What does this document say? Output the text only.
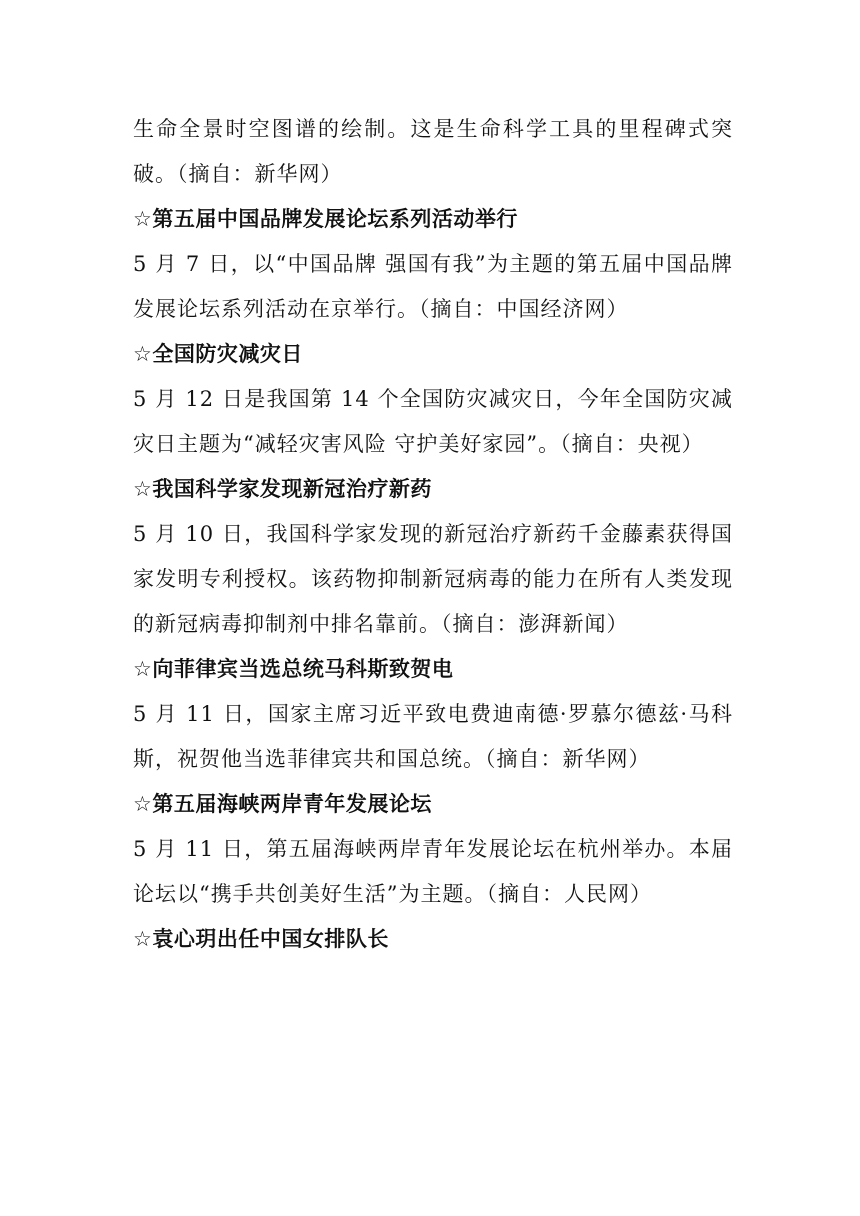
生命全景时空图谱的绘制。这是生命科学工具的里程碑式突破。（摘自：新华网）

☆第五届中国品牌发展论坛系列活动举行

5 月 7 日，以“中国品牌 强国有我”为主题的第五届中国品牌发展论坛系列活动在京举行。（摘自：中国经济网）

☆全国防灾减灾日

5 月 12 日是我国第 14 个全国防灾减灾日，今年全国防灾减灾日主题为“减轻灾害风险 守护美好家园”。（摘自：央视）

☆我国科学家发现新冠治疗新药

5 月 10 日，我国科学家发现的新冠治疗新药千金藤素获得国家发明专利授权。该药物抑制新冠病毒的能力在所有人类发现的新冠病毒抑制剂中排名靠前。（摘自：澎湃新闻）

☆向菲律宾当选总统马科斯致贺电

5 月 11 日，国家主席习近平致电费迪南德·罗慕尔德兹·马科斯，祝贺他当选菲律宾共和国总统。（摘自：新华网）

☆第五届海峡两岸青年发展论坛

5 月 11 日，第五届海峡两岸青年发展论坛在杭州举办。本届论坛以“携手共创美好生活”为主题。（摘自：人民网）

☆袁心玥出任中国女排队长
